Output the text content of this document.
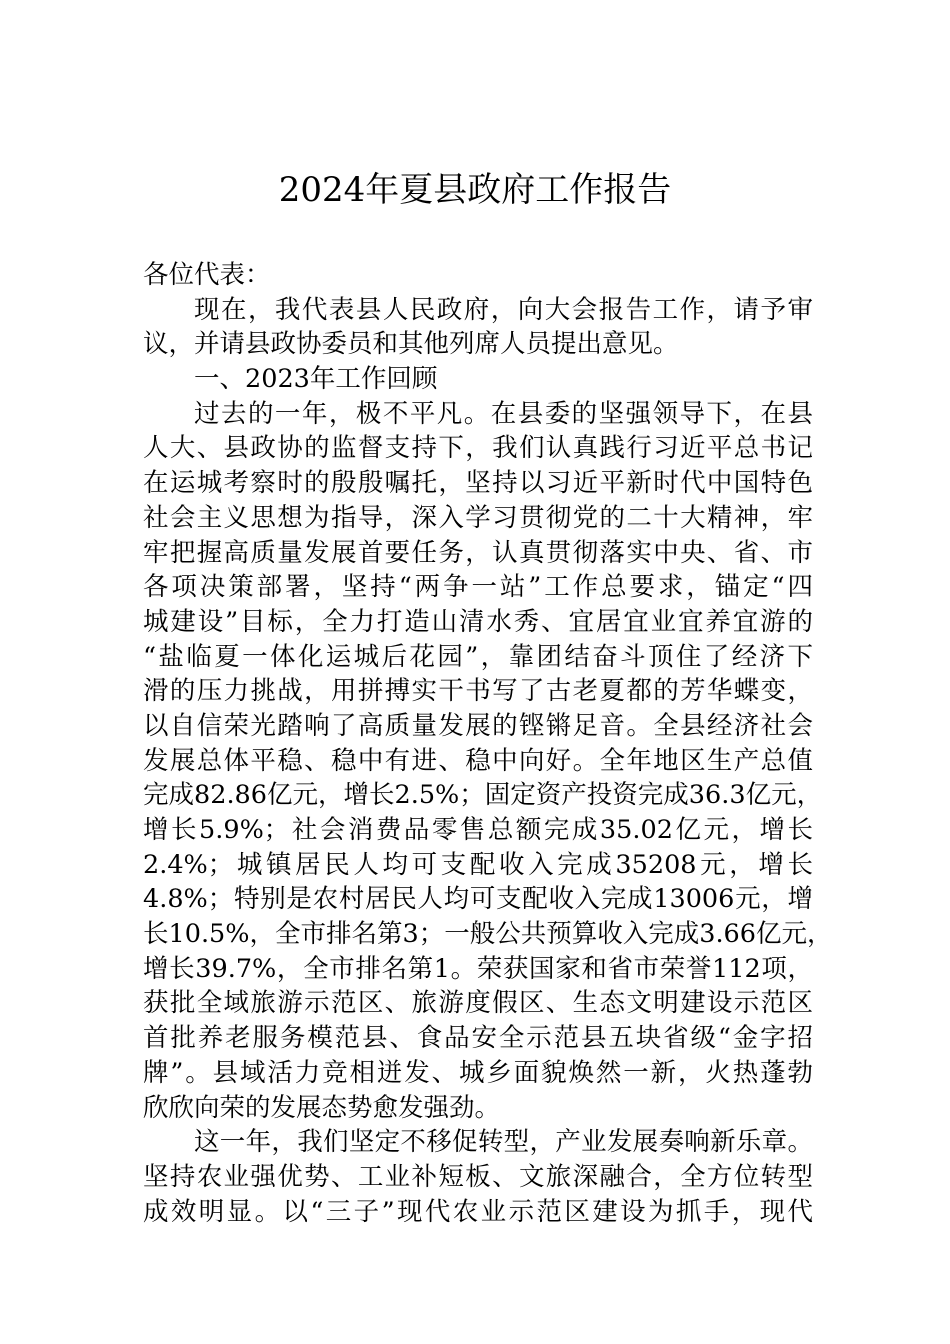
2024年夏县政府工作报告
各位代表：
现在，我代表县人民政府，向大会报告工作，请予审
议，并请县政协委员和其他列席人员提出意见。
一、2023年工作回顾
过去的一年，极不平凡。在县委的坚强领导下，在县
人大、县政协的监督支持下，我们认真践行习近平总书记
在运城考察时的殷殷嘱托，坚持以习近平新时代中国特色
社会主义思想为指导，深入学习贯彻党的二十大精神，牢
牢把握高质量发展首要任务，认真贯彻落实中央、省、市
各项决策部署，坚持“两争一站”工作总要求，锚定“四
城建设”目标，全力打造山清水秀、宜居宜业宜养宜游的
“盐临夏一体化运城后花园”，靠团结奋斗顶住了经济下
滑的压力挑战，用拼搏实干书写了古老夏都的芳华蝶变，
以自信荣光踏响了高质量发展的铿锵足音。全县经济社会
发展总体平稳、稳中有进、稳中向好。全年地区生产总值
完成82.86亿元，增长2.5%；固定资产投资完成36.3亿元，
增长5.9%；社会消费品零售总额完成35.02亿元，增长
2.4%；城镇居民人均可支配收入完成35208元，增长
4.8%；特别是农村居民人均可支配收入完成13006元，增
长10.5%，全市排名第3；一般公共预算收入完成3.66亿元，
增长39.7%，全市排名第1。荣获国家和省市荣誉112项，
获批全域旅游示范区、旅游度假区、生态文明建设示范区
首批养老服务模范县、食品安全示范县五块省级“金字招
牌”。县域活力竞相迸发、城乡面貌焕然一新，火热蓬勃
欣欣向荣的发展态势愈发强劲。
这一年，我们坚定不移促转型，产业发展奏响新乐章。
坚持农业强优势、工业补短板、文旅深融合，全方位转型
成效明显。以“三子”现代农业示范区建设为抓手，现代
